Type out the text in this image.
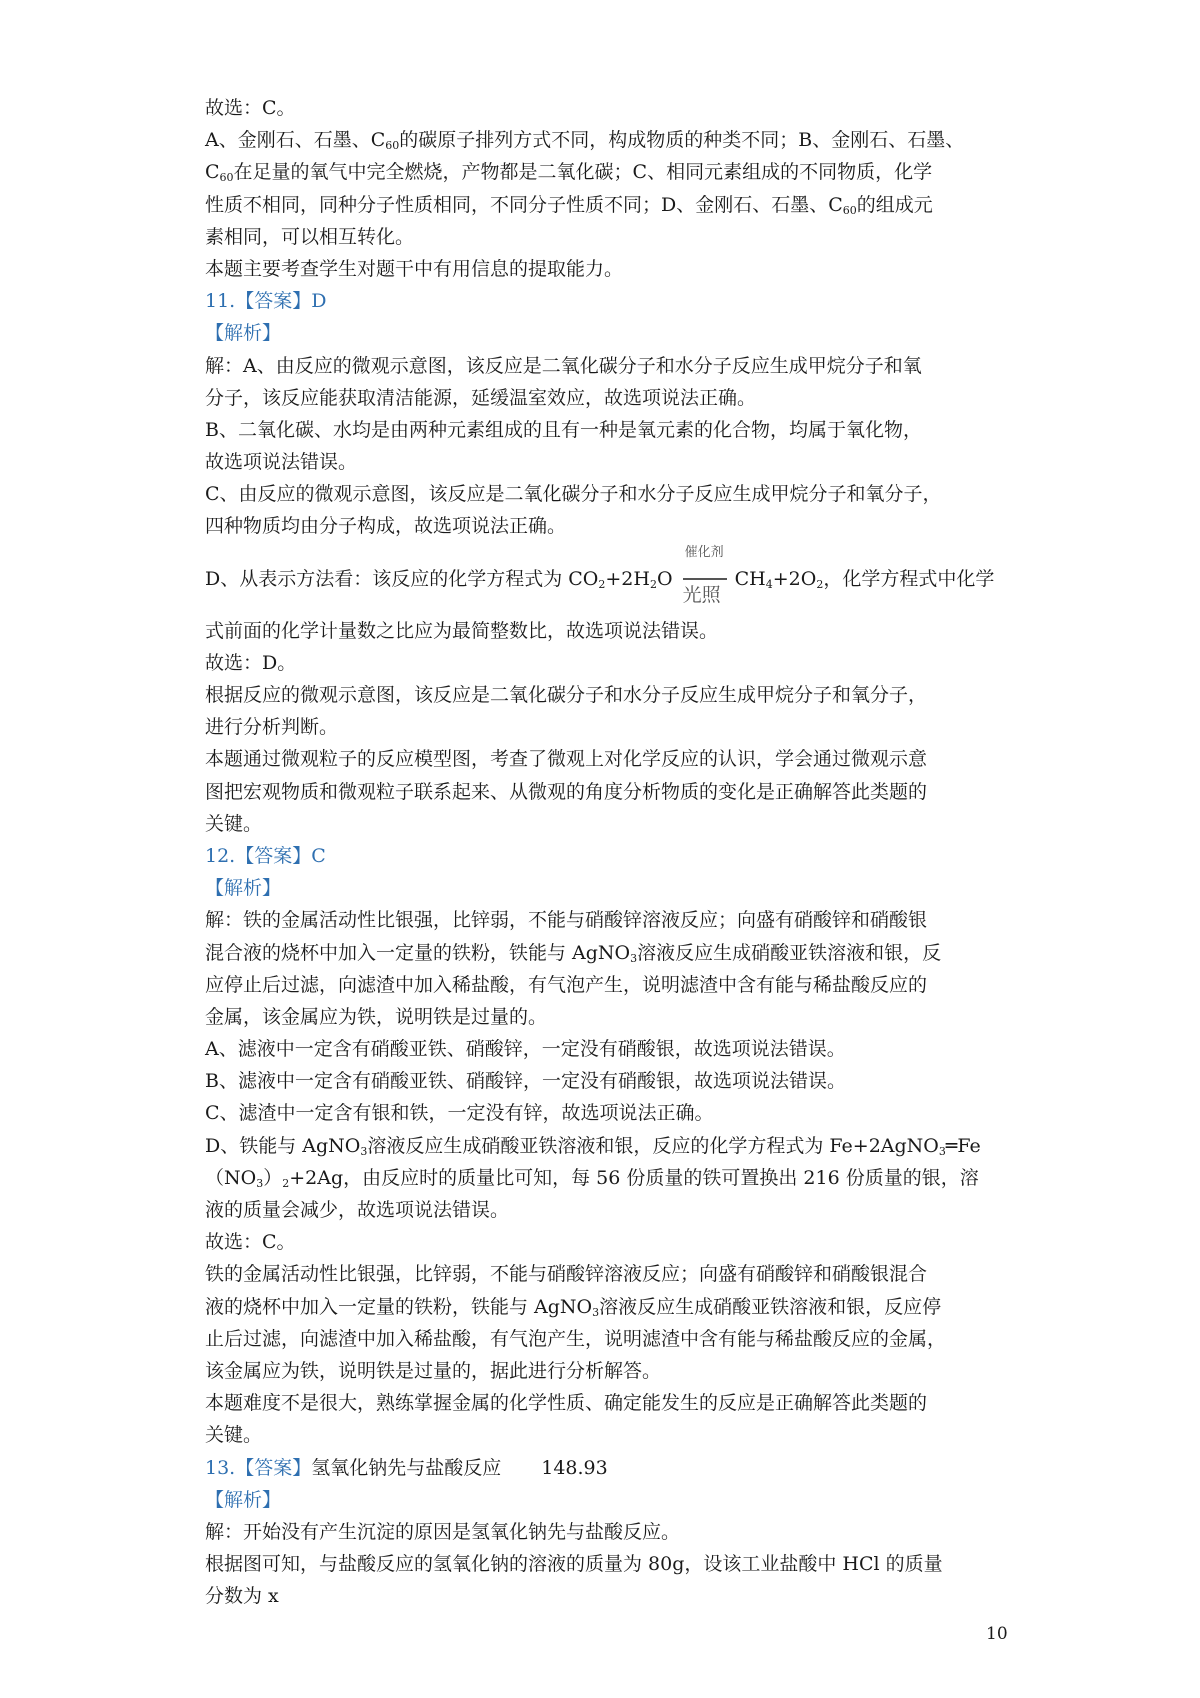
故选：C。
A、金刚石、石墨、$C_{60}$的碳原子排列方式不同，构成物质的种类不同；B、金刚石、石墨、
$C_{60}$在足量的氧气中完全燃烧，产物都是二氧化碳；C、相同元素组成的不同物质，化学
性质不相同，同种分子性质相同，不同分子性质不同；D、金刚石、石墨、$C_{60}$的组成元
素相同，可以相互转化。
本题主要考查学生对题干中有用信息的提取能力。
11.【答案】D
【解析】
解：A、由反应的微观示意图，该反应是二氧化碳分子和水分子反应生成甲烷分子和氧
分子，该反应能获取清洁能源，延缓温室效应，故选项说法正确。
B、二氧化碳、水均是由两种元素组成的且有一种是氧元素的化合物，均属于氧化物，
故选项说法错误。
C、由反应的微观示意图，该反应是二氧化碳分子和水分子反应生成甲烷分子和氧分子，
四种物质均由分子构成，故选项说法正确。
D、从表示方法看：该反应的化学方程式为 $CO_2+2H_2O$
催化剂
光照
$CH_4+2O_2$，化学方程式中化学
式前面的化学计量数之比应为最简整数比，故选项说法错误。
故选：D。
根据反应的微观示意图，该反应是二氧化碳分子和水分子反应生成甲烷分子和氧分子，
进行分析判断。
本题通过微观粒子的反应模型图，考查了微观上对化学反应的认识，学会通过微观示意
图把宏观物质和微观粒子联系起来、从微观的角度分析物质的变化是正确解答此类题的
关键。
12.【答案】C
【解析】
解：铁的金属活动性比银强，比锌弱，不能与硝酸锌溶液反应；向盛有硝酸锌和硝酸银
混合液的烧杯中加入一定量的铁粉，铁能与 AgNO$_3$溶液反应生成硝酸亚铁溶液和银，反
应停止后过滤，向滤渣中加入稀盐酸，有气泡产生，说明滤渣中含有能与稀盐酸反应的
金属，该金属应为铁，说明铁是过量的。
A、滤液中一定含有硝酸亚铁、硝酸锌，一定没有硝酸银，故选项说法错误。
B、滤液中一定含有硝酸亚铁、硝酸锌，一定没有硝酸银，故选项说法错误。
C、滤渣中一定含有银和铁，一定没有锌，故选项说法正确。
D、铁能与 AgNO$_3$溶液反应生成硝酸亚铁溶液和银，反应的化学方程式为 Fe+2AgNO$_3$═Fe
$(NO_3)_2+2Ag$，由反应时的质量比可知，每 56 份质量的铁可置换出 216 份质量的银，溶
液的质量会减少，故选项说法错误。
故选：C。
铁的金属活动性比银强，比锌弱，不能与硝酸锌溶液反应；向盛有硝酸锌和硝酸银混合
液的烧杯中加入一定量的铁粉，铁能与 AgNO$_3$溶液反应生成硝酸亚铁溶液和银，反应停
止后过滤，向滤渣中加入稀盐酸，有气泡产生，说明滤渣中含有能与稀盐酸反应的金属，
该金属应为铁，说明铁是过量的，据此进行分析解答。
本题难度不是很大，熟练掌握金属的化学性质、确定能发生的反应是正确解答此类题的
关键。
13.【答案】氢氧化钠先与盐酸反应 148.93
【解析】
解：开始没有产生沉淀的原因是氢氧化钠先与盐酸反应。
根据图可知，与盐酸反应的氢氧化钠的溶液的质量为 80g，设该工业盐酸中 HCl 的质量
分数为 x
10
